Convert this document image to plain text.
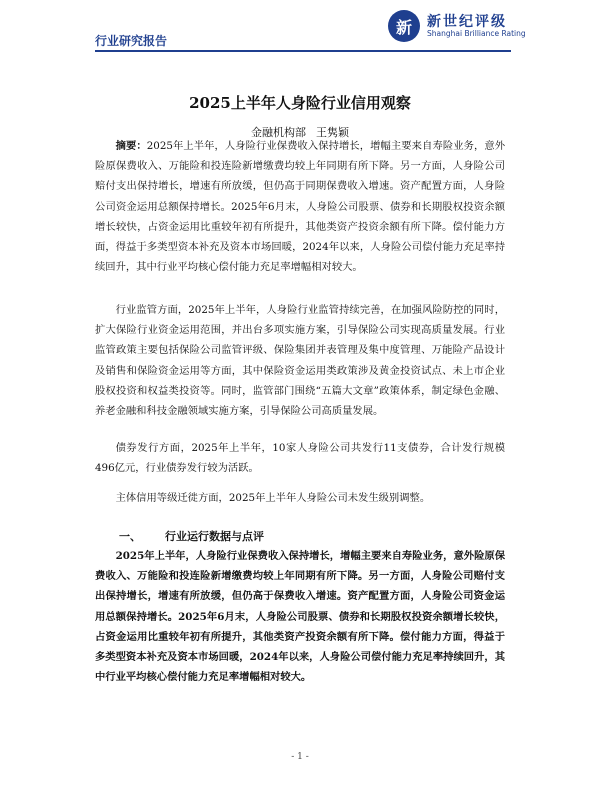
行业研究报告
新	新世纪评级
Shanghai Brilliance Rating
2025上半年人身险行业信用观察
金融机构部 王隽颖

摘要：2025年上半年，人身险行业保费收入保持增长，增幅主要来自寿险业务，意外险原保费收入、万能险和投连险新增缴费均较上年同期有所下降。另一方面，人身险公司赔付支出保持增长，增速有所放缓，但仍高于同期保费收入增速。资产配置方面，人身险公司资金运用总额保持增长。2025年6月末，人身险公司股票、债券和长期股权投资余额增长较快，占资金运用比重较年初有所提升，其他类资产投资余额有所下降。偿付能力方面，得益于多类型资本补充及资本市场回暖，2024年以来，人身险公司偿付能力充足率持续回升，其中行业平均核心偿付能力充足率增幅相对较大。

行业监管方面，2025年上半年，人身险行业监管持续完善，在加强风险防控的同时，扩大保险行业资金运用范围，并出台多项实施方案，引导保险公司实现高质量发展。行业监管政策主要包括保险公司监管评级、保险集团并表管理及集中度管理、万能险产品设计及销售和保险资金运用等方面，其中保险资金运用类政策涉及黄金投资试点、未上市企业股权投资和权益类投资等。同时，监管部门围绕“五篇大文章”政策体系，制定绿色金融、养老金融和科技金融领域实施方案，引导保险公司高质量发展。

债券发行方面，2025年上半年，10家人身险公司共发行11支债券，合计发行规模496亿元，行业债券发行较为活跃。

主体信用等级迁徙方面，2025年上半年人身险公司未发生级别调整。

一、 行业运行数据与点评

2025年上半年，人身险行业保费收入保持增长，增幅主要来自寿险业务，意外险原保费收入、万能险和投连险新增缴费均较上年同期有所下降。另一方面，人身险公司赔付支出保持增长，增速有所放缓，但仍高于保费收入增速。资产配置方面，人身险公司资金运用总额保持增长。2025年6月末，人身险公司股票、债券和长期股权投资余额增长较快，占资金运用比重较年初有所提升，其他类资产投资余额有所下降。偿付能力方面，得益于多类型资本补充及资本市场回暖，2024年以来，人身险公司偿付能力充足率持续回升，其中行业平均核心偿付能力充足率增幅相对较大。

- 1 -
